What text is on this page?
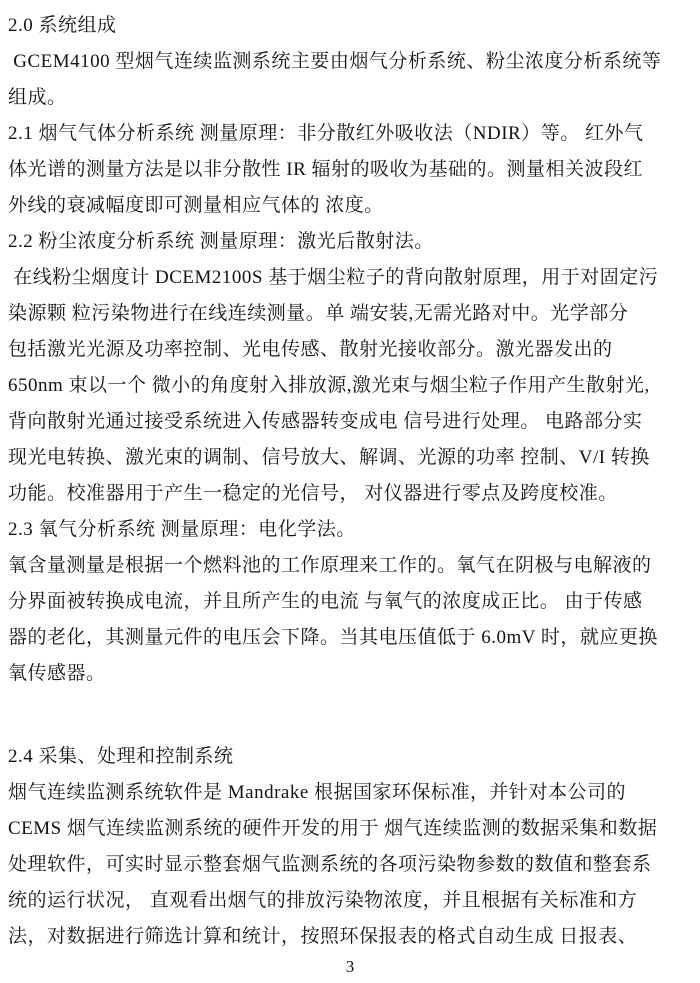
2.0 系统组成
GCEM4100 型烟气连续监测系统主要由烟气分析系统、粉尘浓度分析系统等
组成。
2.1 烟气气体分析系统 测量原理：非分散红外吸收法（NDIR）等。 红外气
体光谱的测量方法是以非分散性 IR 辐射的吸收为基础的。测量相关波段红
外线的衰减幅度即可测量相应气体的 浓度。
2.2 粉尘浓度分析系统 测量原理：激光后散射法。
在线粉尘烟度计 DCEM2100S 基于烟尘粒子的背向散射原理，用于对固定污
染源颗 粒污染物进行在线连续测量。单 端安装,无需光路对中。光学部分
包括激光光源及功率控制、光电传感、散射光接收部分。激光器发出的
650nm 束以一个 微小的角度射入排放源,激光束与烟尘粒子作用产生散射光,
背向散射光通过接受系统进入传感器转变成电 信号进行处理。 电路部分实
现光电转换、激光束的调制、信号放大、解调、光源的功率 控制、V/I 转换
功能。校准器用于产生一稳定的光信号， 对仪器进行零点及跨度校准。
2.3 氧气分析系统 测量原理：电化学法。
氧含量测量是根据一个燃料池的工作原理来工作的。氧气在阴极与电解液的
分界面被转换成电流，并且所产生的电流 与氧气的浓度成正比。 由于传感
器的老化，其测量元件的电压会下降。当其电压值低于 6.0mV 时，就应更换
氧传感器。
2.4 采集、处理和控制系统
烟气连续监测系统软件是 Mandrake 根据国家环保标准，并针对本公司的
CEMS 烟气连续监测系统的硬件开发的用于 烟气连续监测的数据采集和数据
处理软件，可实时显示整套烟气监测系统的各项污染物参数的数值和整套系
统的运行状况， 直观看出烟气的排放污染物浓度，并且根据有关标准和方
法，对数据进行筛选计算和统计，按照环保报表的格式自动生成 日报表、
3
